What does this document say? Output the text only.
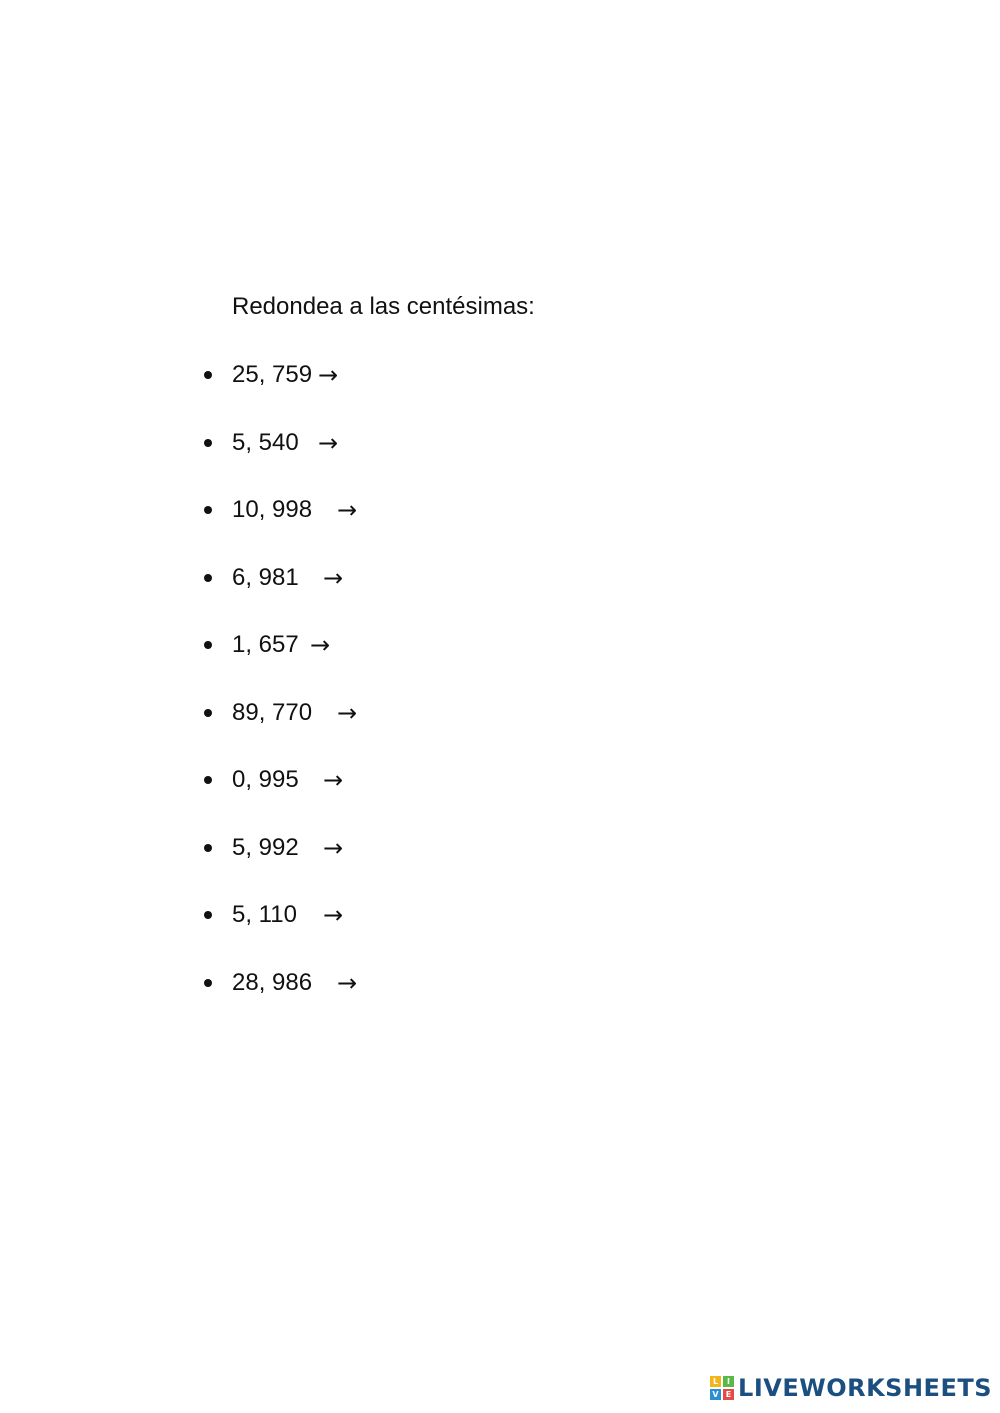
Redondea a las centésimas:
25, 759 →
5, 540 →
10, 998 →
6, 981 →
1, 657 →
89, 770 →
0, 995 →
5, 992 →
5, 110 →
28, 986 →
L	I
V E LIVEWORKSHEETS
